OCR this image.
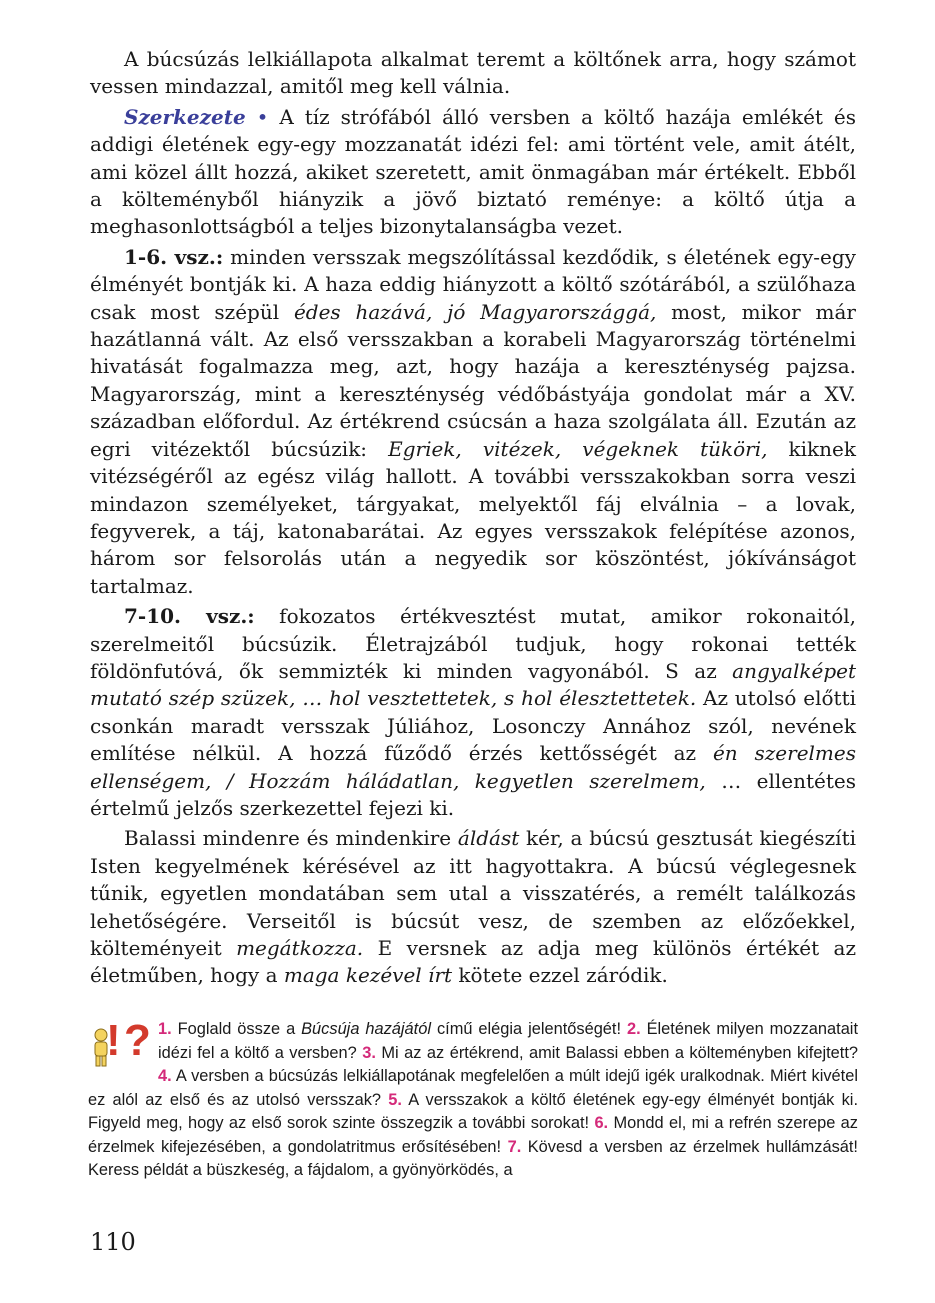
A búcsúzás lelkiállapota alkalmat teremt a költőnek arra, hogy számot vessen mindazzal, amitől meg kell válnia.

Szerkezete • A tíz strófából álló versben a költő hazája emlékét és addigi életének egy-egy mozzanatát idézi fel: ami történt vele, amit átélt, ami közel állt hozzá, akiket szeretett, amit önmagában már értékelt. Ebből a költeményből hiányzik a jövő biztató reménye: a költő útja a meghasonlottságból a teljes bizonytalanságba vezet.

1-6. vsz.: minden versszak megszólítással kezdődik, s életének egy-egy élményét bontják ki. A haza eddig hiányzott a költő szótárából, a szülőhaza csak most szépül édes hazává, jó Magyarországgá, most, mikor már hazátlanná vált. Az első versszakban a korabeli Magyarország történelmi hivatását fogalmazza meg, azt, hogy hazája a kereszténység pajzsa. Magyarország, mint a kereszténység védőbástyája gondolat már a XV. században előfordul. Az értékrend csúcsán a haza szolgálata áll. Ezután az egri vitézektől búcsúzik: Egriek, vitézek, végeknek tüköri, kiknek vitézségéről az egész világ hallott. A további versszakokban sorra veszi mindazon személyeket, tárgyakat, melyektől fáj elválnia – a lovak, fegyverek, a táj, katonabarátai. Az egyes versszakok felépítése azonos, három sor felsorolás után a negyedik sor köszöntést, jókívánságot tartalmaz.

7-10. vsz.: fokozatos értékvesztést mutat, amikor rokonaitól, szerelmeitől búcsúzik. Életrajzából tudjuk, hogy rokonai tették földönfutóvá, ők semmizték ki minden vagyonából. S az angyalképet mutató szép szüzek, … hol vesztettetek, s hol élesztettetek. Az utolsó előtti csonkán maradt versszak Júliához, Losonczy Annához szól, nevének említése nélkül. A hozzá fűződő érzés kettősségét az én szerelmes ellenségem, / Hozzám háládatlan, kegyetlen szerelmem, … ellentétes értelmű jelzős szerkezettel fejezi ki.

Balassi mindenre és mindenkire áldást kér, a búcsú gesztusát kiegészíti Isten kegyelmének kérésével az itt hagyottakra. A búcsú véglegesnek tűnik, egyetlen mondatában sem utal a visszatérés, a remélt találkozás lehetőségére. Verseitől is búcsút vesz, de szemben az előzőekkel, költeményeit megátkozza. E versnek az adja meg különös értékét az életműben, hogy a maga kezével írt kötete ezzel záródik.

! ? 1. Foglald össze a Búcsúja hazájától című elégia jelentőségét! 2. Életének milyen mozzanatait idézi fel a költő a versben? 3. Mi az az értékrend, amit Balassi ebben a költeményben kifejtett? 4. A versben a búcsúzás lelkiállapotának megfelelően a múlt idejű igék uralkodnak. Miért kivétel ez alól az első és az utolsó versszak? 5. A versszakok a költő életének egy-egy élményét bontják ki. Figyeld meg, hogy az első sorok szinte összegzik a további sorokat! 6. Mondd el, mi a refrén szerepe az érzelmek kifejezésében, a gondolatritmus erősítésében! 7. Kövesd a versben az érzelmek hullámzását! Keress példát a büszkeség, a fájdalom, a gyönyörködés, a
110
